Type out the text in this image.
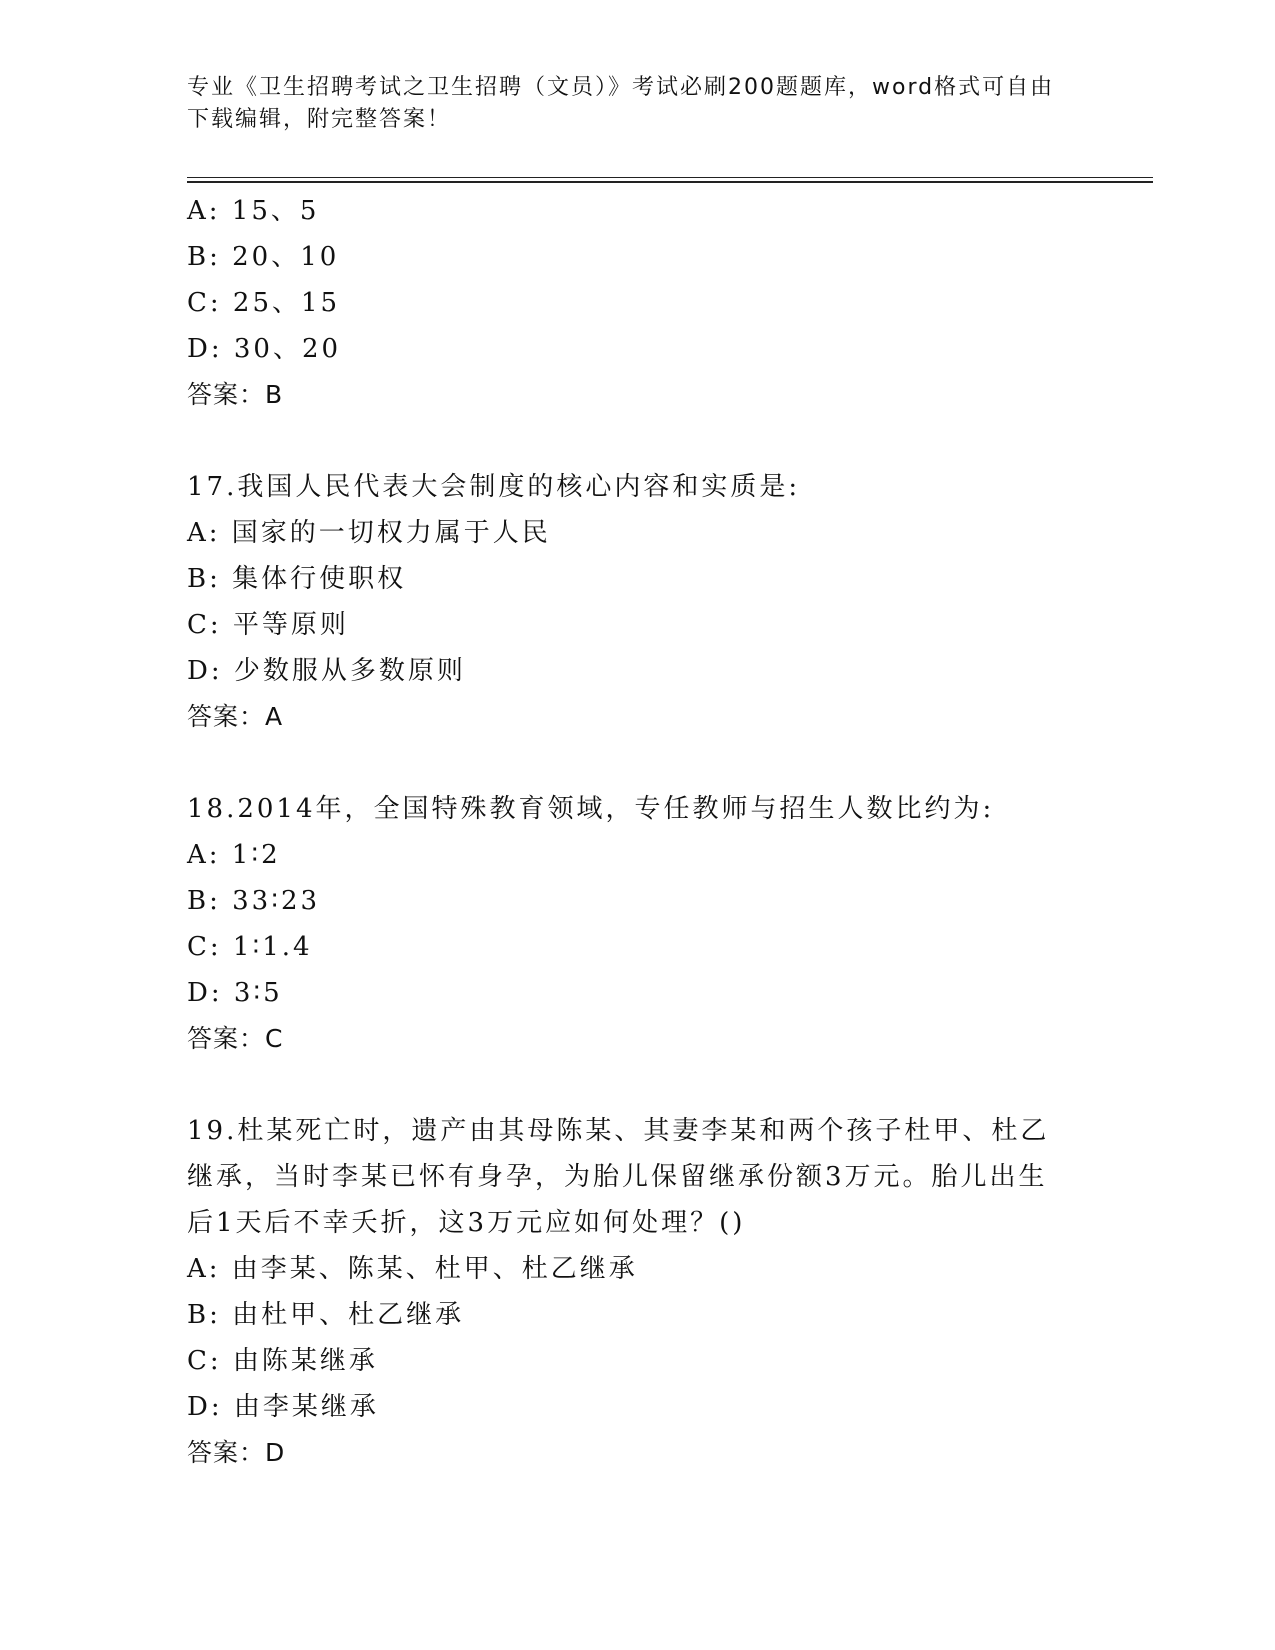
专业《卫生招聘考试之卫生招聘（文员）》考试必刷200题题库，word格式可自由下载编辑，附完整答案！
A: 15、5
B: 20、10
C: 25、15
D: 30、20
答案：B
17.我国人民代表大会制度的核心内容和实质是:
A: 国家的一切权力属于人民
B: 集体行使职权
C: 平等原则
D: 少数服从多数原则
答案：A
18.2014年，全国特殊教育领域，专任教师与招生人数比约为:
A: 1∶2
B: 33∶23
C: 1∶1.4
D: 3∶5
答案：C
19.杜某死亡时，遗产由其母陈某、其妻李某和两个孩子杜甲、杜乙继承，当时李某已怀有身孕，为胎儿保留继承份额3万元。胎儿出生后1天后不幸夭折，这3万元应如何处理？()
A: 由李某、陈某、杜甲、杜乙继承
B: 由杜甲、杜乙继承
C: 由陈某继承
D: 由李某继承
答案：D
